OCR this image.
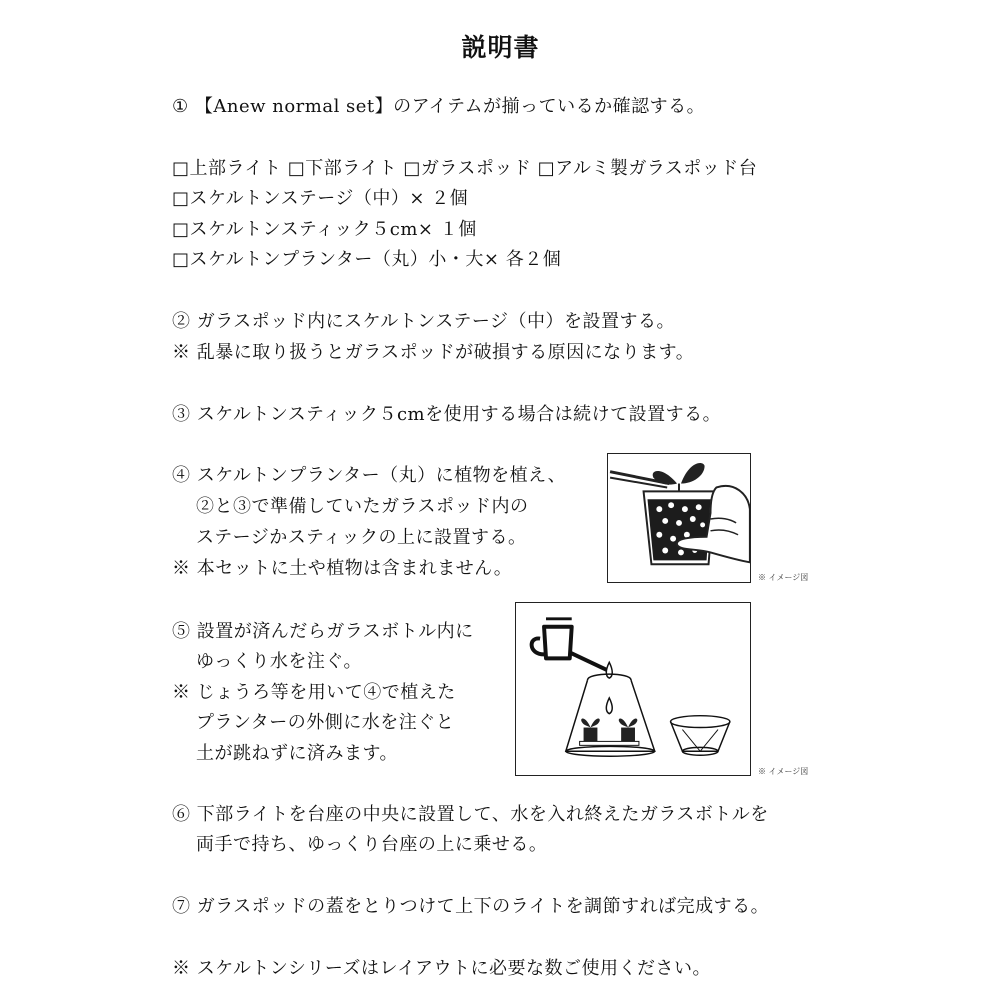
説明書
① 【Anew normal set】のアイテムが揃っているか確認する。
□上部ライト □下部ライト □ガラスポッド □アルミ製ガラスポッド台
□スケルトンステージ（中）× ２個
□スケルトンスティック５cm× １個
□スケルトンプランター（丸）小・大× 各２個
② ガラスポッド内にスケルトンステージ（中）を設置する。
※ 乱暴に取り扱うとガラスポッドが破損する原因になります。
③ スケルトンスティック５cmを使用する場合は続けて設置する。
④ スケルトンプランター（丸）に植物を植え、
②と③で準備していたガラスポッド内の
ステージかスティックの上に設置する。
※ 本セットに土や植物は含まれません。	※ イメージ図
⑤ 設置が済んだらガラスボトル内に
ゆっくり水を注ぐ。
※ じょうろ等を用いて④で植えた
プランターの外側に水を注ぐと
土が跳ねずに済みます。
※ イメージ図
⑥ 下部ライトを台座の中央に設置して、水を入れ終えたガラスボトルを
両手で持ち、ゆっくり台座の上に乗せる。
⑦ ガラスポッドの蓋をとりつけて上下のライトを調節すれば完成する。
※ スケルトンシリーズはレイアウトに必要な数ご使用ください。
